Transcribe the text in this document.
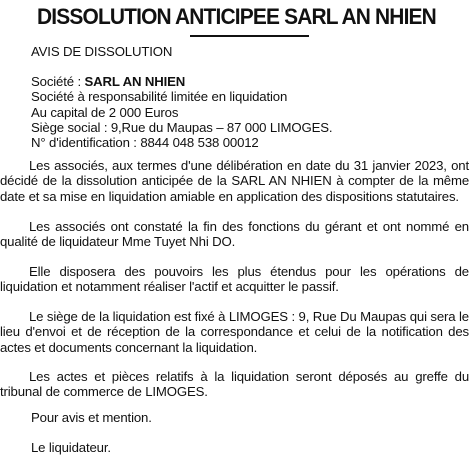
DISSOLUTION ANTICIPEE SARL AN NHIEN
AVIS DE DISSOLUTION
Société : SARL AN NHIEN
Société à responsabilité limitée en liquidation
Au capital de 2 000 Euros
Siège social : 9,Rue du Maupas – 87 000 LIMOGES.
N° d'identification : 8844 048 538 00012
Les associés, aux termes d'une délibération en date du 31 janvier 2023, ont décidé de la dissolution anticipée de la SARL AN NHIEN à compter de la même date et sa mise en liquidation amiable en application des dispositions statutaires.
Les associés ont constaté la fin des fonctions du gérant et ont nommé en qualité de liquidateur Mme Tuyet Nhi DO.
Elle disposera des pouvoirs les plus étendus pour les opérations de liquidation et notamment réaliser l'actif et acquitter le passif.
Le siège de la liquidation est fixé à LIMOGES : 9, Rue Du Maupas qui sera le lieu d'envoi et de réception de la correspondance et celui de la notification des actes et documents concernant la liquidation.
Les actes et pièces relatifs à la liquidation seront déposés au greffe du tribunal de commerce de LIMOGES.
Pour avis et mention.
Le liquidateur.
